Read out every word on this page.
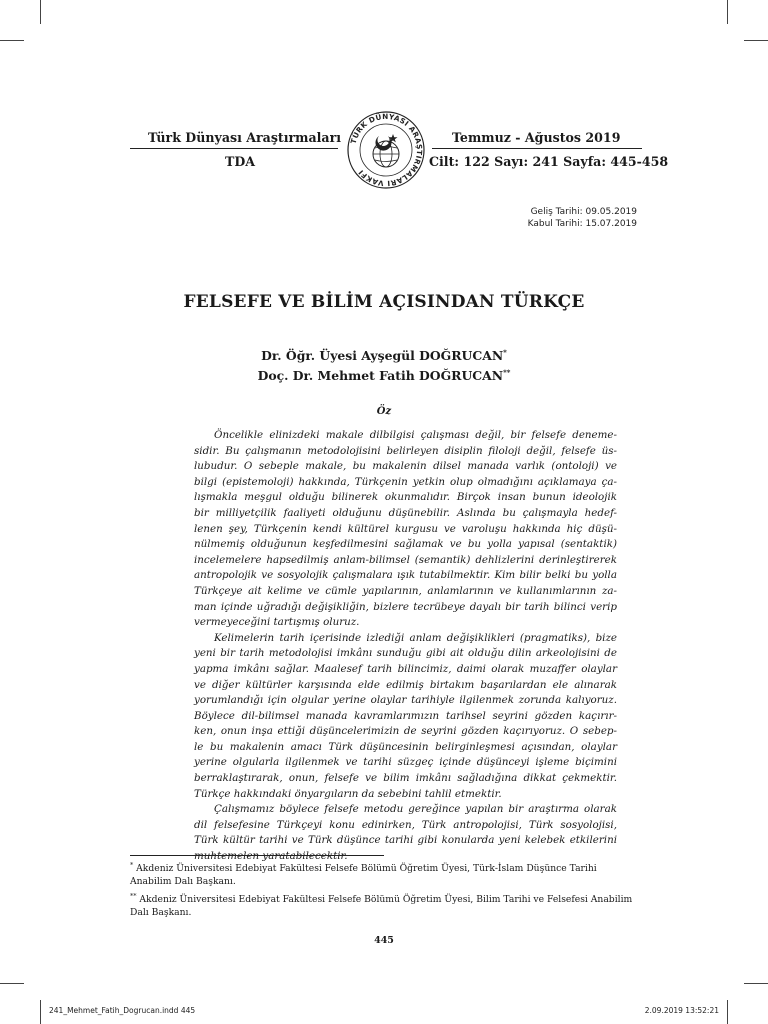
Türk Dünyası Araştırmaları	Temmuz - Ağustos 2019
TDA	Cilt: 122 Sayı: 241 Sayfa: 445-458
TÜRK DÜNYASI ARAŞTIRMALARI VAKFI
Geliş Tarihi: 09.05.2019
Kabul Tarihi: 15.07.2019
FELSEFE VE BİLİM AÇISINDAN TÜRKÇE
Dr. Öğr. Üyesi Ayşegül DOĞRUCAN*
Doç. Dr. Mehmet Fatih DOĞRUCAN**
Öz

Öncelikle elinizdeki makale dilbilgisi çalışması değil, bir felsefe deneme-
sidir. Bu çalışmanın metodolojisini belirleyen disiplin filoloji değil, felsefe üs-
lubudur. O sebeple makale, bu makalenin dilsel manada varlık (ontoloji) ve
bilgi (epistemoloji) hakkında, Türkçenin yetkin olup olmadığını açıklamaya ça-
lışmakla meşgul olduğu bilinerek okunmalıdır. Birçok insan bunun ideolojik
bir milliyetçilik faaliyeti olduğunu düşünebilir. Aslında bu çalışmayla hedef-
lenen şey, Türkçenin kendi kültürel kurgusu ve varoluşu hakkında hiç düşü-
nülmemiş olduğunun keşfedilmesini sağlamak ve bu yolla yapısal (sentaktik)
incelemelere hapsedilmiş anlam-bilimsel (semantik) dehlizlerini derinleştirerek
antropolojik ve sosyolojik çalışmalara ışık tutabilmektir. Kim bilir belki bu yolla
Türkçeye ait kelime ve cümle yapılarının, anlamlarının ve kullanımlarının za-
man içinde uğradığı değişikliğin, bizlere tecrübeye dayalı bir tarih bilinci verip
vermeyeceğini tartışmış oluruz.

Kelimelerin tarih içerisinde izlediği anlam değişiklikleri (pragmatiks), bize
yeni bir tarih metodolojisi imkânı sunduğu gibi ait olduğu dilin arkeolojisini de
yapma imkânı sağlar. Maalesef tarih bilincimiz, daimi olarak muzaffer olaylar
ve diğer kültürler karşısında elde edilmiş birtakım başarılardan ele alınarak
yorumlandığı için olgular yerine olaylar tarihiyle ilgilenmek zorunda kalıyoruz.
Böylece dil-bilimsel manada kavramlarımızın tarihsel seyrini gözden kaçırır-
ken, onun inşa ettiği düşüncelerimizin de seyrini gözden kaçırıyoruz. O sebep-
le bu makalenin amacı Türk düşüncesinin belirginleşmesi açısından, olaylar
yerine olgularla ilgilenmek ve tarihi süzgeç içinde düşünceyi işleme biçimini
berraklaştırarak, onun, felsefe ve bilim imkânı sağladığına dikkat çekmektir.
Türkçe hakkındaki önyargıların da sebebini tahlil etmektir.

Çalışmamız böylece felsefe metodu gereğince yapılan bir araştırma olarak
dil felsefesine Türkçeyi konu edinirken, Türk antropolojisi, Türk sosyolojisi,
Türk kültür tarihi ve Türk düşünce tarihi gibi konularda yeni kelebek etkilerini
muhtemelen yaratabilecektir.

* Akdeniz Üniversitesi Edebiyat Fakültesi Felsefe Bölümü Öğretim Üyesi, Türk-İslam Düşünce Tarihi Anabilim Dalı Başkanı.
** Akdeniz Üniversitesi Edebiyat Fakültesi Felsefe Bölümü Öğretim Üyesi, Bilim Tarihi ve Felsefesi Anabilim Dalı Başkanı.
445
241_Mehmet_Fatih_Dogrucan.indd 445	2.09.2019 13:52:21
